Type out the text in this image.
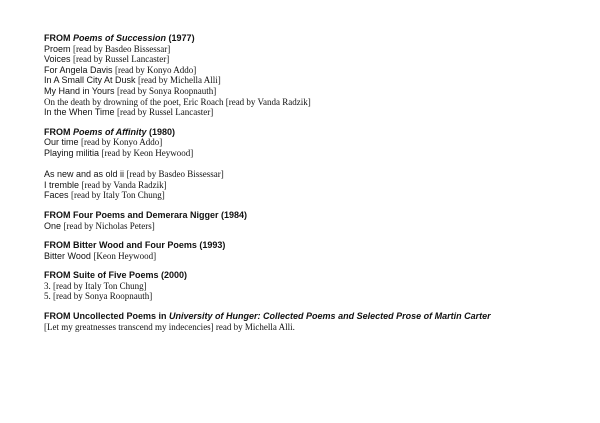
FROM Poems of Succession (1977)
Proem [read by Basdeo Bissessar]
Voices [read by Russel Lancaster]
For Angela Davis [read by Konyo Addo]
In A Small City At Dusk [read by Michella Alli]
My Hand in Yours [read by Sonya Roopnauth]
On the death by drowning of the poet, Eric Roach [read by Vanda Radzik]
In the When Time [read by Russel Lancaster]
FROM Poems of Affinity (1980)
Our time [read by Konyo Addo]
Playing militia [read by Keon Heywood]
As new and as old ii [read by Basdeo Bissessar]
I tremble [read by Vanda Radzik]
Faces [read by Italy Ton Chung]
FROM Four Poems and Demerara Nigger (1984)
One [read by Nicholas Peters]
FROM Bitter Wood and Four Poems (1993)
Bitter Wood [Keon Heywood]
FROM Suite of Five Poems (2000)
3. [read by Italy Ton Chung]
5. [read by Sonya Roopnauth]
FROM Uncollected Poems in University of Hunger: Collected Poems and Selected Prose of Martin Carter
[Let my greatnesses transcend my indecencies] read by Michella Alli.
